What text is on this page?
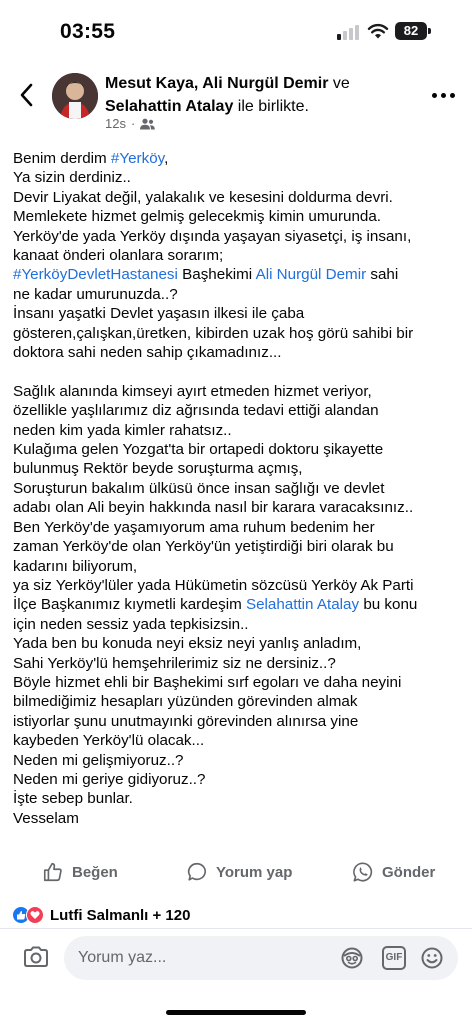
03:55	82
Mesut Kaya, Ali Nurgül Demir ve
Selahattin Atalay ile birlikte.
12s ·

Benim derdim #Yerköy,

Ya sizin derdiniz..

Devir Liyakat değil, yalakalık ve kesesini doldurma devri.

Memlekete hizmet gelmiş gelecekmiş kimin umurunda.

Yerköy'de yada Yerköy dışında yaşayan siyasetçi, iş insanı,

kanaat önderi olanlara sorarım;

#YerköyDevletHastanesi Başhekimi Ali Nurgül Demir sahi

ne kadar umurunuzda..?

İnsanı yaşatki Devlet yaşasın ilkesi ile çaba

gösteren,çalışkan,üretken, kibirden uzak hoş görü sahibi bir

doktora sahi neden sahip çıkamadınız...

Sağlık alanında kimseyi ayırt etmeden hizmet veriyor,

özellikle yaşlılarımız diz ağrısında tedavi ettiği alandan

neden kim yada kimler rahatsız..

Kulağıma gelen Yozgat'ta bir ortapedi doktoru şikayette

bulunmuş Rektör beyde soruşturma açmış,

Soruşturun bakalım ülküsü önce insan sağlığı ve devlet

adabı olan Ali beyin hakkında nasıl bir karara varacaksınız..

Ben Yerköy'de yaşamıyorum ama ruhum bedenim her

zaman Yerköy'de olan Yerköy'ün yetiştirdiği biri olarak bu

kadarını biliyorum,

ya siz Yerköy'lüler yada Hükümetin sözcüsü Yerköy Ak Parti

İlçe Başkanımız kıymetli kardeşim Selahattin Atalay bu konu

için neden sessiz yada tepkisizsin..

Yada ben bu konuda neyi eksiz neyi yanlış anladım,

Sahi Yerköy'lü hemşehrilerimiz siz ne dersiniz..?

Böyle hizmet ehli bir Başhekimi sırf egoları ve daha neyini

bilmediğimiz hesapları yüzünden görevinden almak

istiyorlar şunu unutmayınki görevinden alınırsa yine

kaybeden Yerköy'lü olacak...

Neden mi gelişmiyoruz..?

Neden mi geriye gidiyoruz..?

İşte sebep bunlar.

Vesselam

Beğen	Yorum yap	Gönder
Lutfi Salmanlı + 120
Yorum yaz...
GIF
